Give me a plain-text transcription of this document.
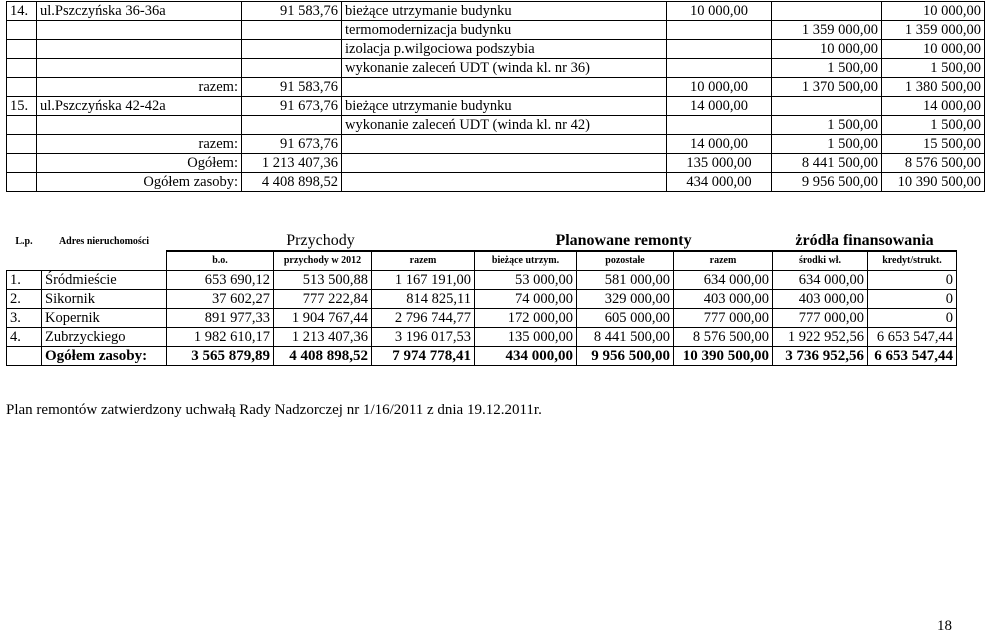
14.	ul.Pszczyńska 36-36a	91 583,76	bieżące utrzymanie budynku	10 000,00		10 000,00
			termomodernizacja budynku		1 359 000,00	1 359 000,00
			izolacja p.wilgociowa podszybia		10 000,00	10 000,00
			wykonanie zaleceń UDT (winda kl. nr 36)		1 500,00	1 500,00
	razem:	91 583,76		10 000,00	1 370 500,00	1 380 500,00
15.	ul.Pszczyńska 42-42a	91 673,76	bieżące utrzymanie budynku	14 000,00		14 000,00
			wykonanie zaleceń UDT (winda kl. nr 42)		1 500,00	1 500,00
	razem:	91 673,76		14 000,00	1 500,00	15 500,00
	Ogółem:	1 213 407,36		135 000,00	8 441 500,00	8 576 500,00
	Ogółem zasoby:	4 408 898,52		434 000,00	9 956 500,00	10 390 500,00
L.p.	Adres nieruchomości	Przychody			Planowane remonty			żródła finansowania	
		b.o.	przychody w 2012	razem	bieżące utrzym.	pozostałe	razem	środki wł.	kredyt/strukt.
1.	Śródmieście	653 690,12	513 500,88	1 167 191,00	53 000,00	581 000,00	634 000,00	634 000,00	0
2.	Sikornik	37 602,27	777 222,84	814 825,11	74 000,00	329 000,00	403 000,00	403 000,00	0
3.	Kopernik	891 977,33	1 904 767,44	2 796 744,77	172 000,00	605 000,00	777 000,00	777 000,00	0
4.	Zubrzyckiego	1 982 610,17	1 213 407,36	3 196 017,53	135 000,00	8 441 500,00	8 576 500,00	1 922 952,56	6 653 547,44
	Ogółem zasoby:	3 565 879,89	4 408 898,52	7 974 778,41	434 000,00	9 956 500,00	10 390 500,00	3 736 952,56	6 653 547,44
Plan remontów zatwierdzony uchwałą Rady Nadzorczej nr 1/16/2011 z dnia 19.12.2011r.
18
